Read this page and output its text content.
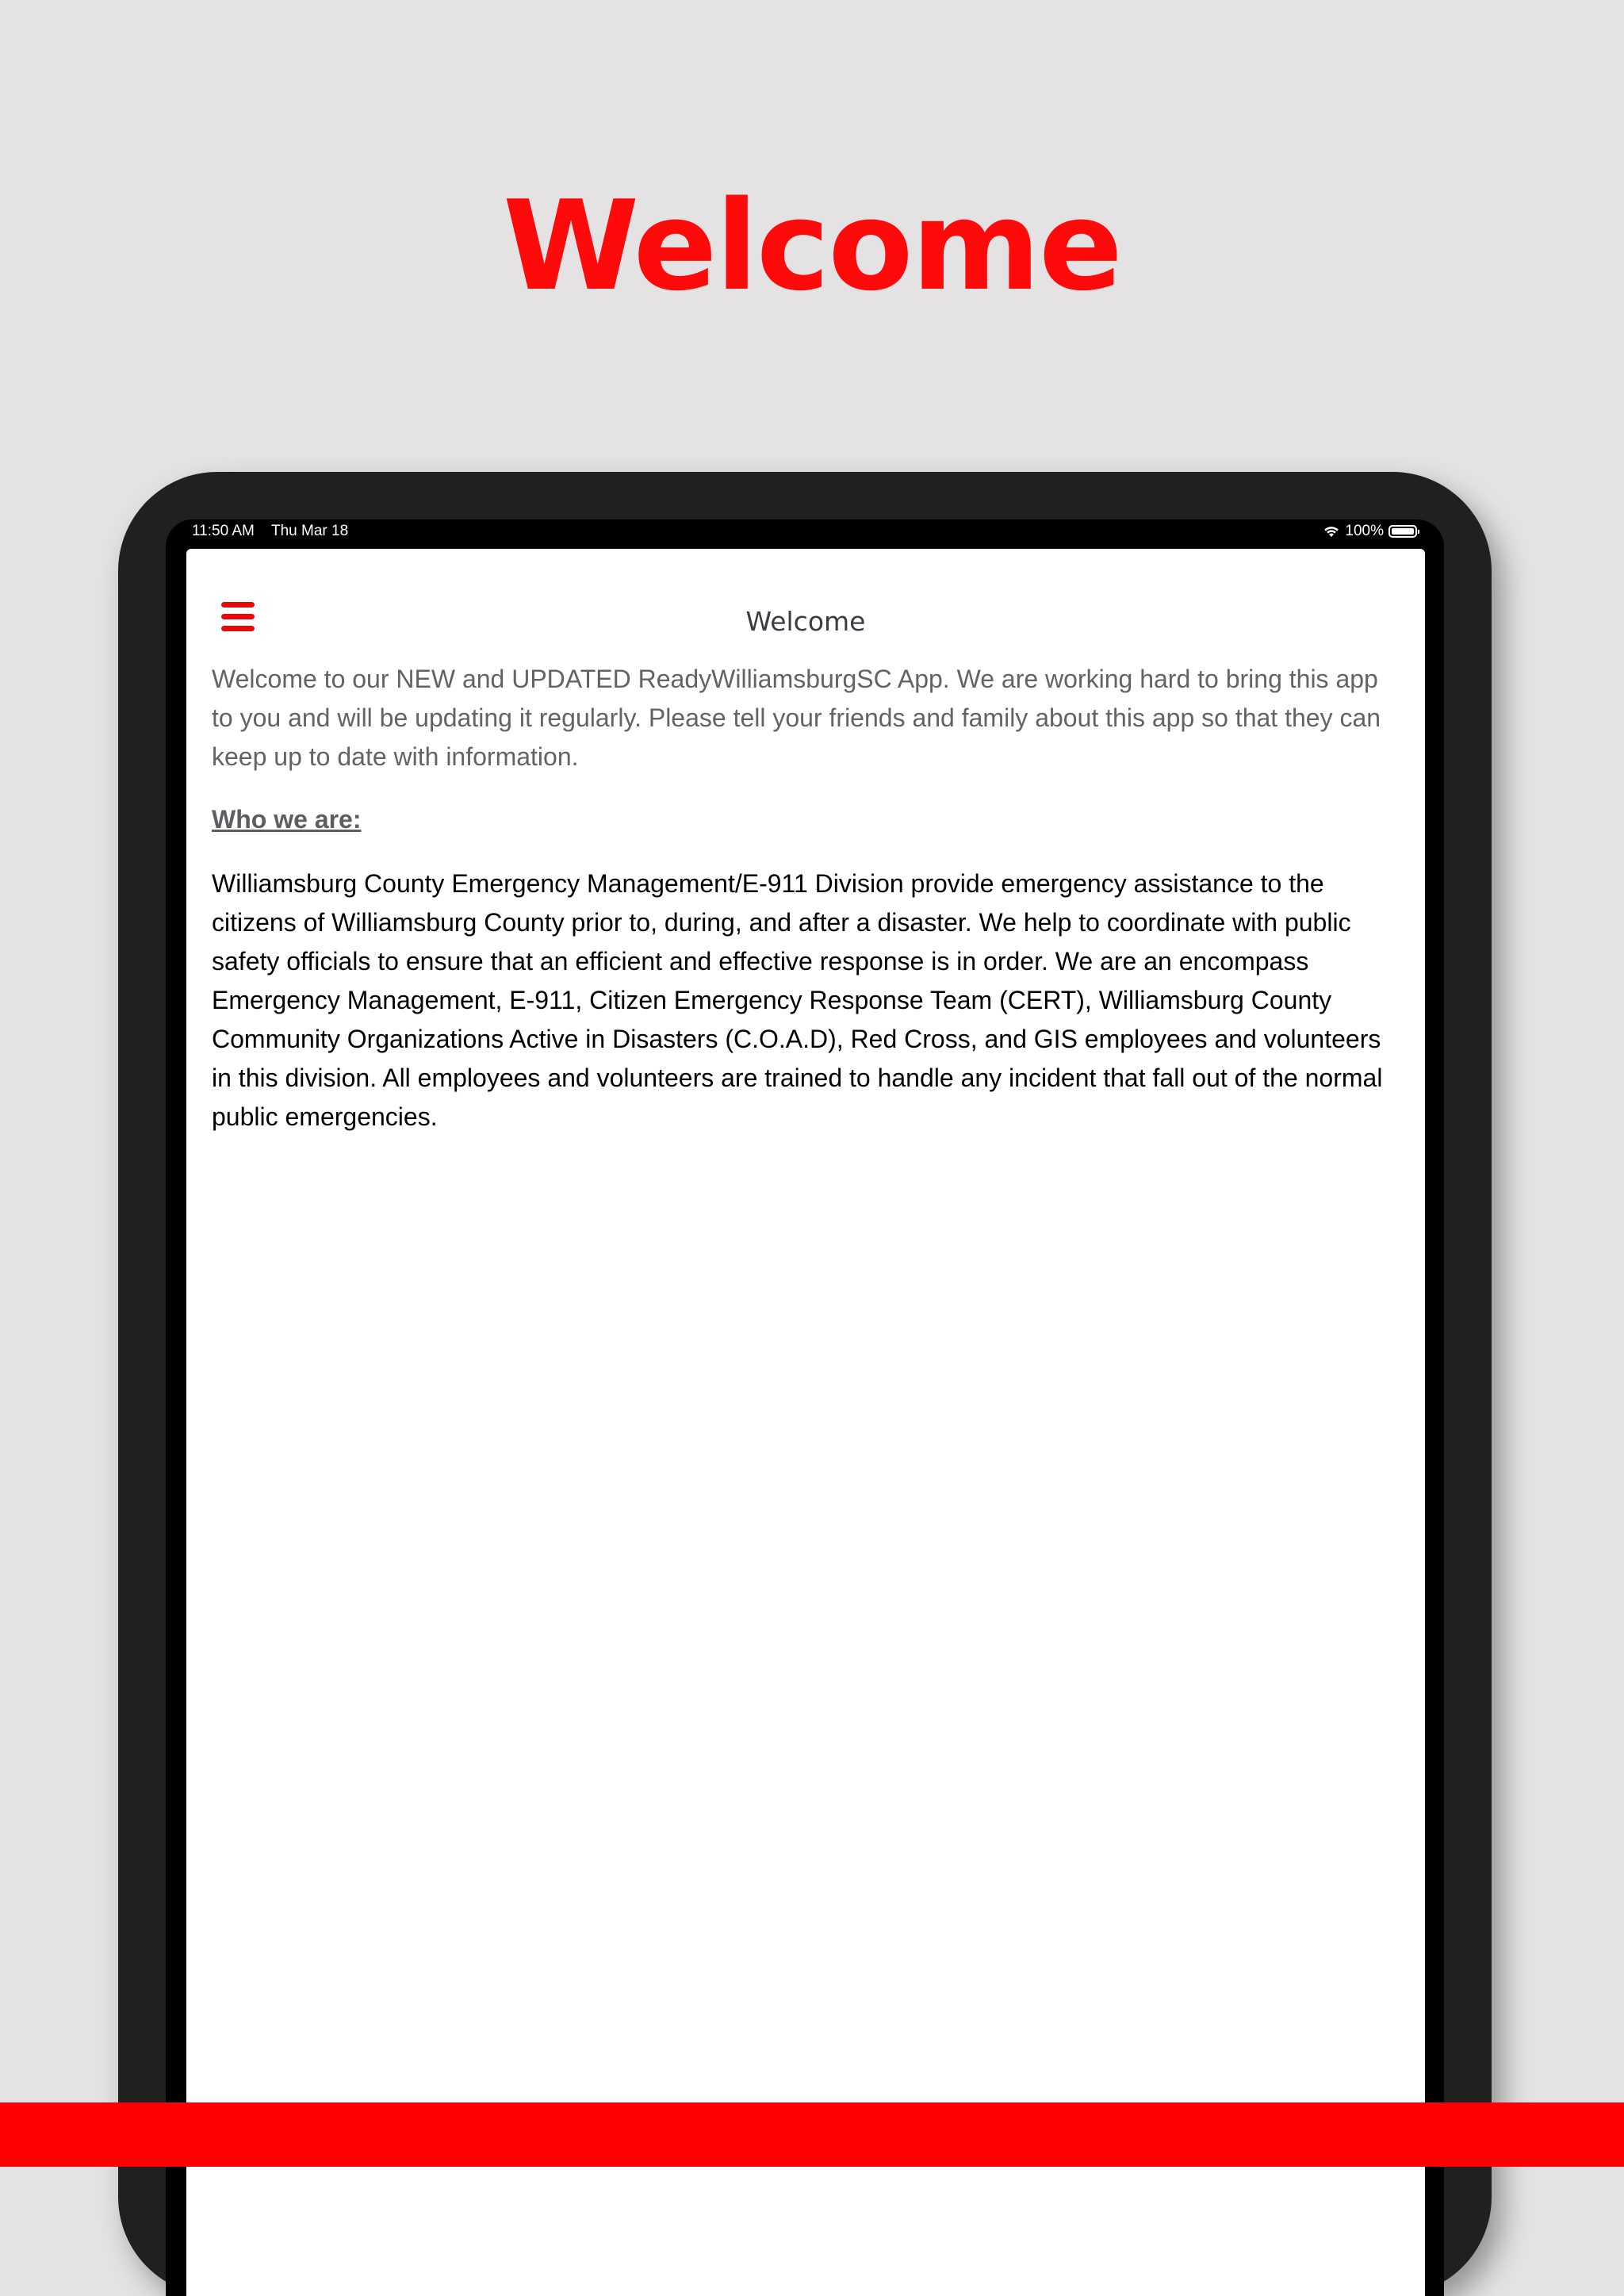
Welcome
11:50 AM Thu Mar 18	100%
Welcome

Welcome to our NEW and UPDATED ReadyWilliamsburgSC App. We are working hard to bring this app to you and will be updating it regularly. Please tell your friends and family about this app so that they can keep up to date with information.

Who we are:

Williamsburg County Emergency Management/E-911 Division provide emergency assistance to the citizens of Williamsburg County prior to, during, and after a disaster. We help to coordinate with public safety officials to ensure that an efficient and effective response is in order. We are an encompass Emergency Management, E-911, Citizen Emergency Response Team (CERT), Williamsburg County Community Organizations Active in Disasters (C.O.A.D), Red Cross, and GIS employees and volunteers in this division. All employees and volunteers are trained to handle any incident that fall out of the normal public emergencies.
